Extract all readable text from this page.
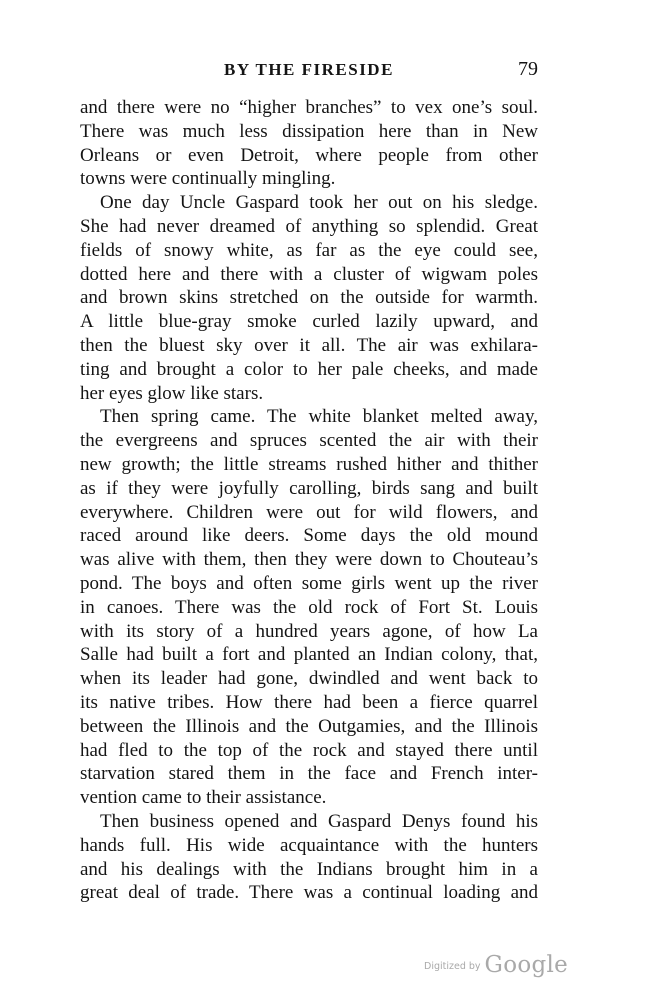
BY THE FIRESIDE	79
and there were no “higher branches” to vex one’s soul.
There was much less dissipation here than in New
Orleans or even Detroit, where people from other
towns were continually mingling.
One day Uncle Gaspard took her out on his sledge.
She had never dreamed of anything so splendid. Great
fields of snowy white, as far as the eye could see,
dotted here and there with a cluster of wigwam poles
and brown skins stretched on the outside for warmth.
A little blue-gray smoke curled lazily upward, and
then the bluest sky over it all. The air was exhilara-
ting and brought a color to her pale cheeks, and made
her eyes glow like stars.
Then spring came. The white blanket melted away,
the evergreens and spruces scented the air with their
new growth; the little streams rushed hither and thither
as if they were joyfully carolling, birds sang and built
everywhere. Children were out for wild flowers, and
raced around like deers. Some days the old mound
was alive with them, then they were down to Chouteau’s
pond. The boys and often some girls went up the river
in canoes. There was the old rock of Fort St. Louis
with its story of a hundred years agone, of how La
Salle had built a fort and planted an Indian colony, that,
when its leader had gone, dwindled and went back to
its native tribes. How there had been a fierce quarrel
between the Illinois and the Outgamies, and the Illinois
had fled to the top of the rock and stayed there until
starvation stared them in the face and French inter-
vention came to their assistance.
Then business opened and Gaspard Denys found his
hands full. His wide acquaintance with the hunters
and his dealings with the Indians brought him in a
great deal of trade. There was a continual loading and
Digitized by Google
